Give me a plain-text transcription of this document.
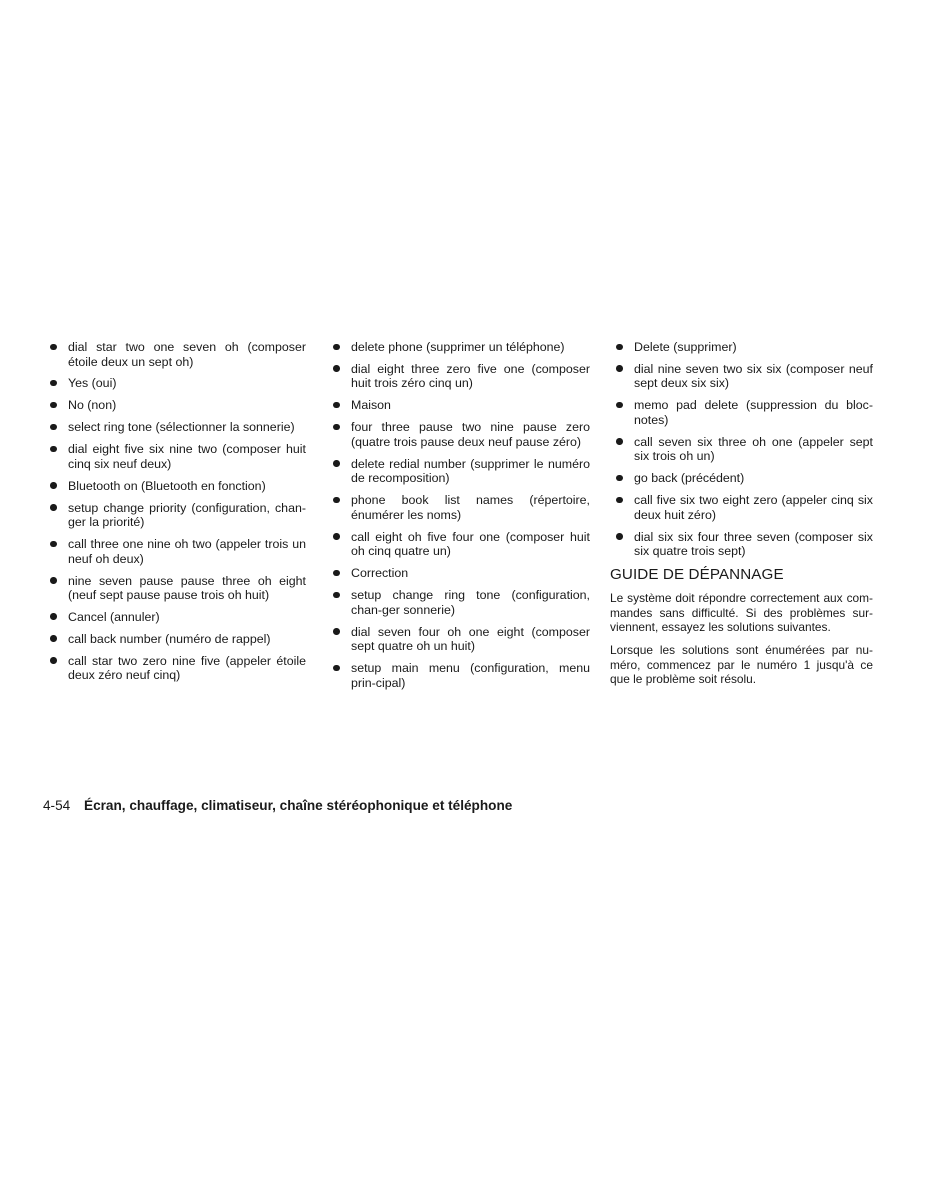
dial star two one seven oh (composer étoile deux un sept oh)
Yes (oui)
No (non)
select ring tone (sélectionner la sonnerie)
dial eight five six nine two (composer huit cinq six neuf deux)
Bluetooth on (Bluetooth en fonction)
setup change priority (configuration, chan-ger la priorité)
call three one nine oh two (appeler trois un neuf oh deux)
nine seven pause pause three oh eight (neuf sept pause pause trois oh huit)
Cancel (annuler)
call back number (numéro de rappel)
call star two zero nine five (appeler étoile deux zéro neuf cinq)
delete phone (supprimer un téléphone)
dial eight three zero five one (composer huit trois zéro cinq un)
Maison
four three pause two nine pause zero (quatre trois pause deux neuf pause zéro)
delete redial number (supprimer le numéro de recomposition)
phone book list names (répertoire, énumérer les noms)
call eight oh five four one (composer huit oh cinq quatre un)
Correction
setup change ring tone (configuration, chan-ger sonnerie)
dial seven four oh one eight (composer sept quatre oh un huit)
setup main menu (configuration, menu prin-cipal)
Delete (supprimer)
dial nine seven two six six (composer neuf sept deux six six)
memo pad delete (suppression du bloc-notes)
call seven six three oh one (appeler sept six trois oh un)
go back (précédent)
call five six two eight zero (appeler cinq six deux huit zéro)
dial six six four three seven (composer six six quatre trois sept)
GUIDE DE DÉPANNAGE

Le système doit répondre correctement aux com-mandes sans difficulté. Si des problèmes sur-viennent, essayez les solutions suivantes.

Lorsque les solutions sont énumérées par nu-méro, commencez par le numéro 1 jusqu'à ce que le problème soit résolu.

4-54 Écran, chauffage, climatiseur, chaîne stéréophonique et téléphone
